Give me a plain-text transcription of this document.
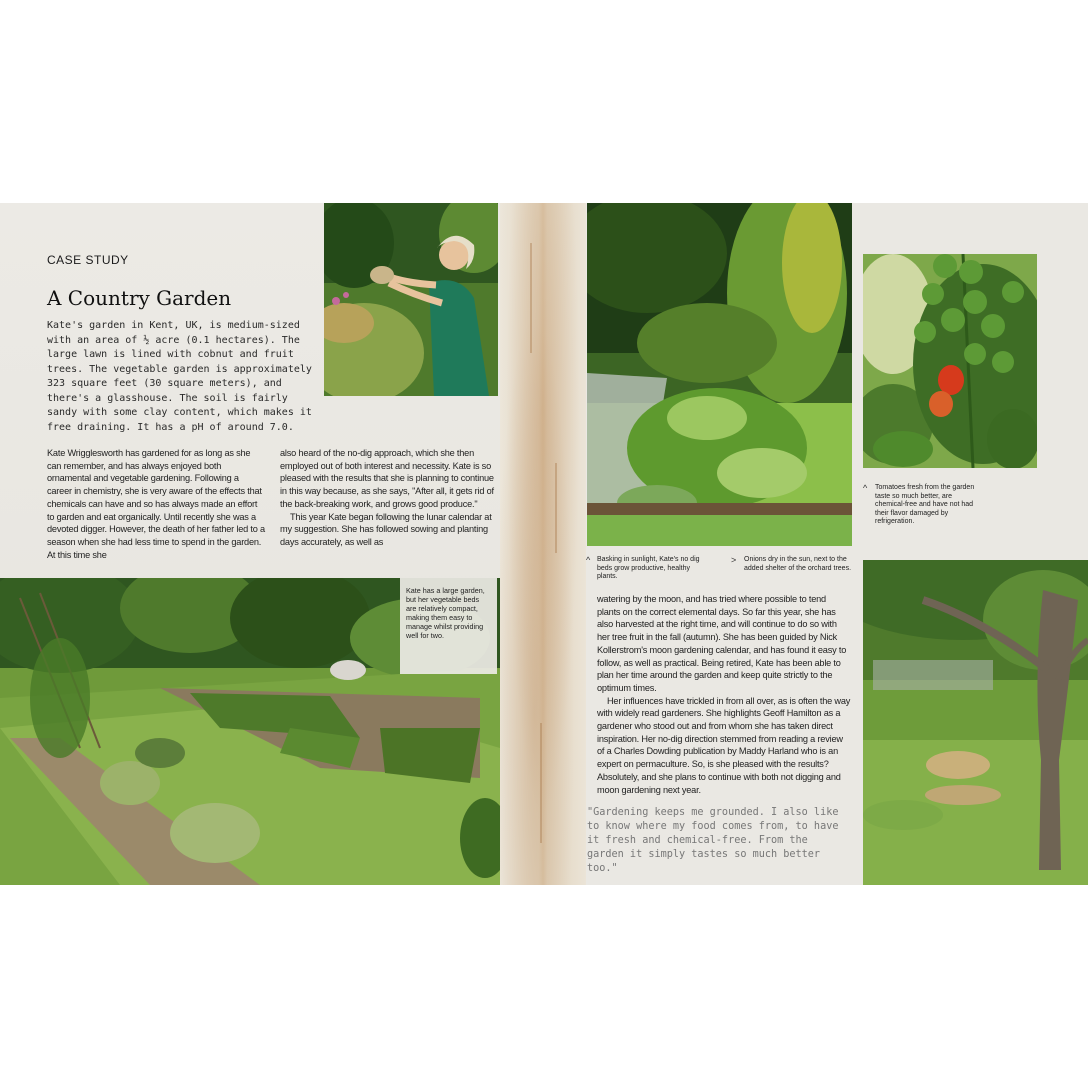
CASE STUDY

A Country Garden

Kate's garden in Kent, UK, is medium-sized with an area of ½ acre (0.1 hectares). The large lawn is lined with cobnut and fruit trees. The vegetable garden is approximately 323 square feet (30 square meters), and there's a glasshouse. The soil is fairly sandy with some clay content, which makes it free draining. It has a pH of around 7.0.

Kate Wrigglesworth has gardened for as long as she can remember, and has always enjoyed both ornamental and vegetable gardening. Following a career in chemistry, she is very aware of the effects that chemicals can have and so has always made an effort to garden and eat organically. Until recently she was a devoted digger. However, the death of her father led to a season when she had less time to spend in the garden. At this time she

also heard of the no-dig approach, which she then employed out of both interest and necessity. Kate is so pleased with the results that she is planning to continue in this way because, as she says, "After all, it gets rid of the back-breaking work, and grows good produce."

This year Kate began following the lunar calendar at my suggestion. She has followed sowing and planting days accurately, as well as

Kate has a large garden, but her vegetable beds are relatively compact, making them easy to manage whilst providing well for two.

^ Basking in sunlight, Kate's no dig beds grow productive, healthy plants.

> Onions dry in the sun, next to the added shelter of the orchard trees.

^ Tomatoes fresh from the garden taste so much better, are chemical-free and have not had their flavor damaged by refrigeration.

watering by the moon, and has tried where possible to tend plants on the correct elemental days. So far this year, she has also harvested at the right time, and will continue to do so with her tree fruit in the fall (autumn). She has been guided by Nick Kollerstrom's moon gardening calendar, and has found it easy to follow, as well as practical. Being retired, Kate has been able to plan her time around the garden and keep quite strictly to the optimum times.

Her influences have trickled in from all over, as is often the way with widely read gardeners. She highlights Geoff Hamilton as a gardener who stood out and from whom she has taken direct inspiration. Her no-dig direction stemmed from reading a review of a Charles Dowding publication by Maddy Harland who is an expert on permaculture. So, is she pleased with the results? Absolutely, and she plans to continue with both not digging and moon gardening next year.

"Gardening keeps me grounded. I also like to know where my food comes from, to have it fresh and chemical-free. From the garden it simply tastes so much better too."
